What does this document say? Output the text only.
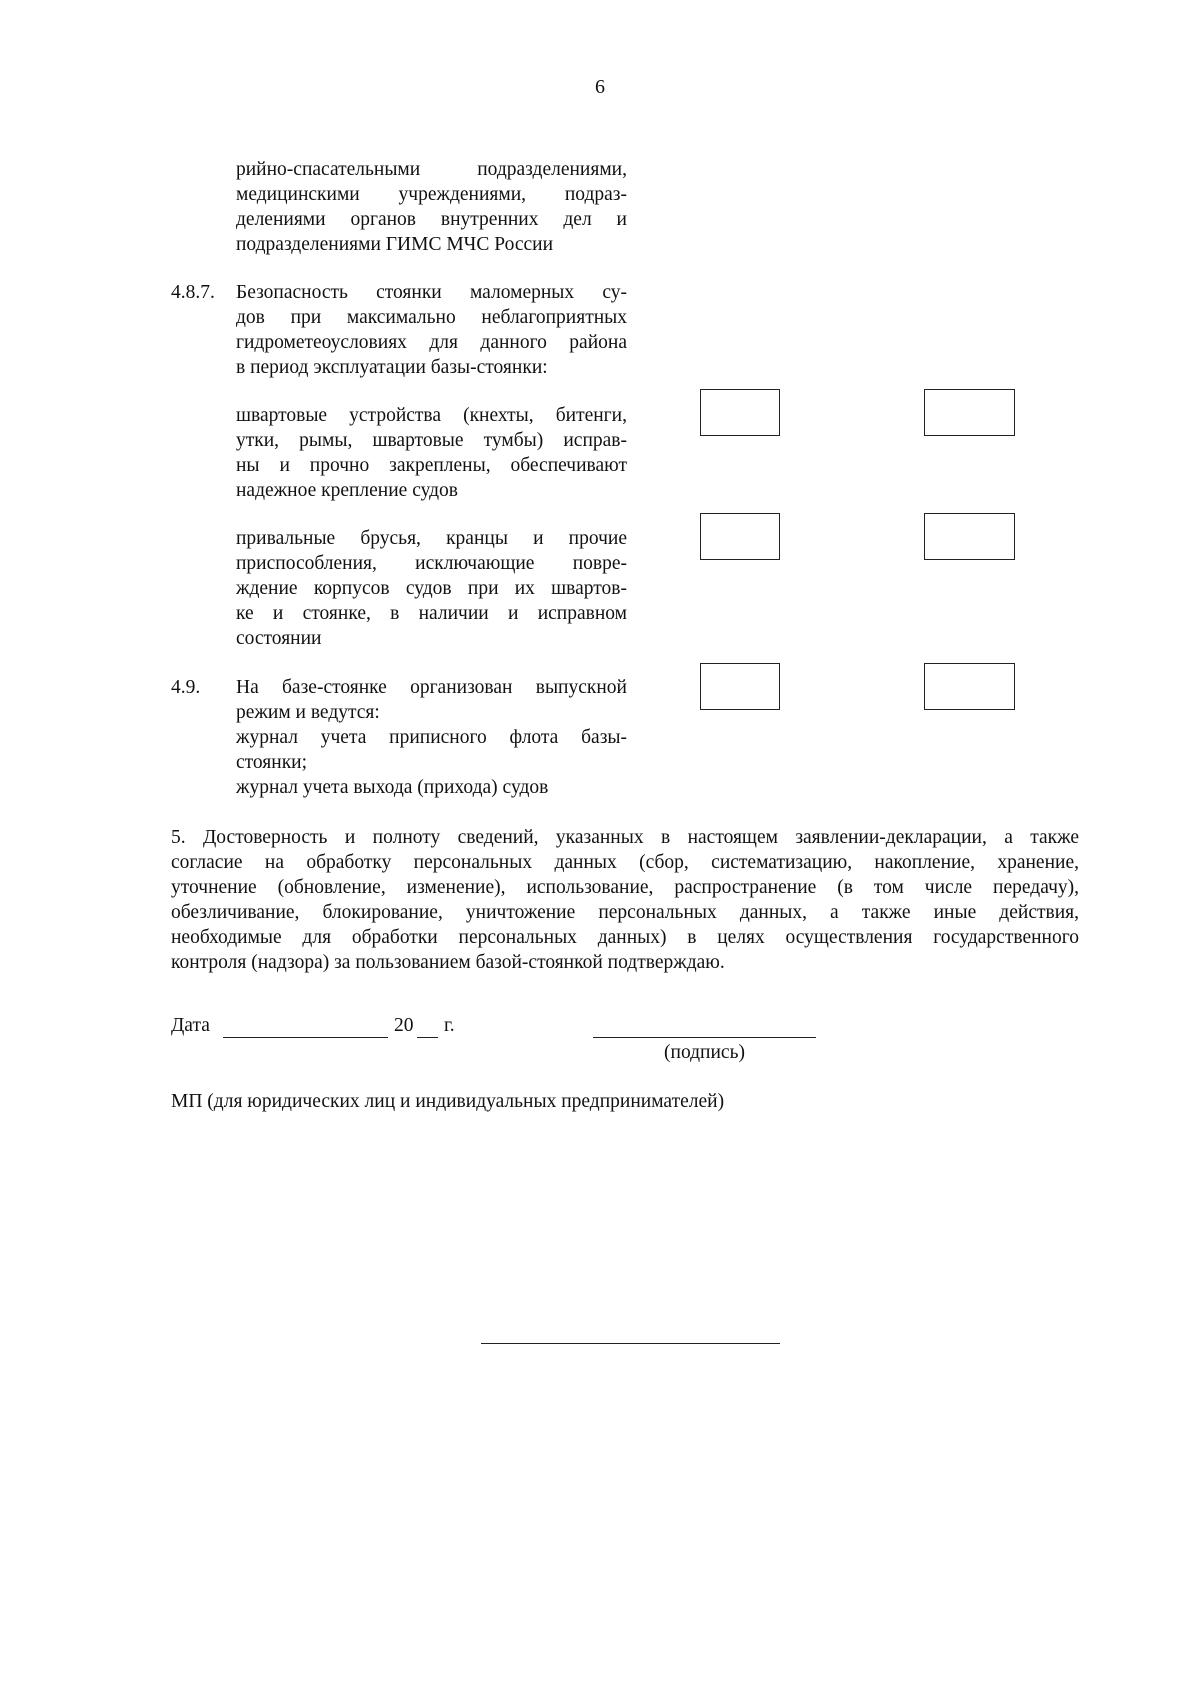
6
рийно-спасательными подразделениями,
медицинскими учреждениями, подраз-
делениями органов внутренних дел и
подразделениями ГИМС МЧС России
4.8.7. Безопасность стоянки маломерных су-
дов при максимально неблагоприятных
гидрометеоусловиях для данного района
в период эксплуатации базы-стоянки:
швартовые устройства (кнехты, битенги,
утки, рымы, швартовые тумбы) исправ-
ны и прочно закреплены, обеспечивают
надежное крепление судов
привальные брусья, кранцы и прочие
приспособления, исключающие повре-
ждение корпусов судов при их швартов-
ке и стоянке, в наличии и исправном
состоянии
4.9. На базе-стоянке организован выпускной
режим и ведутся:
журнал учета приписного флота базы-
стоянки;
журнал учета выхода (прихода) судов
5. Достоверность и полноту сведений, указанных в настоящем заявлении-декларации, а также
согласие на обработку персональных данных (сбор, систематизацию, накопление, хранение,
уточнение (обновление, изменение), использование, распространение (в том числе передачу),
обезличивание, блокирование, уничтожение персональных данных, а также иные действия,
необходимые для обработки персональных данных) в целях осуществления государственного
контроля (надзора) за пользованием базой-стоянкой подтверждаю.
Дата	20 г.
(подпись)
МП (для юридических лиц и индивидуальных предпринимателей)
